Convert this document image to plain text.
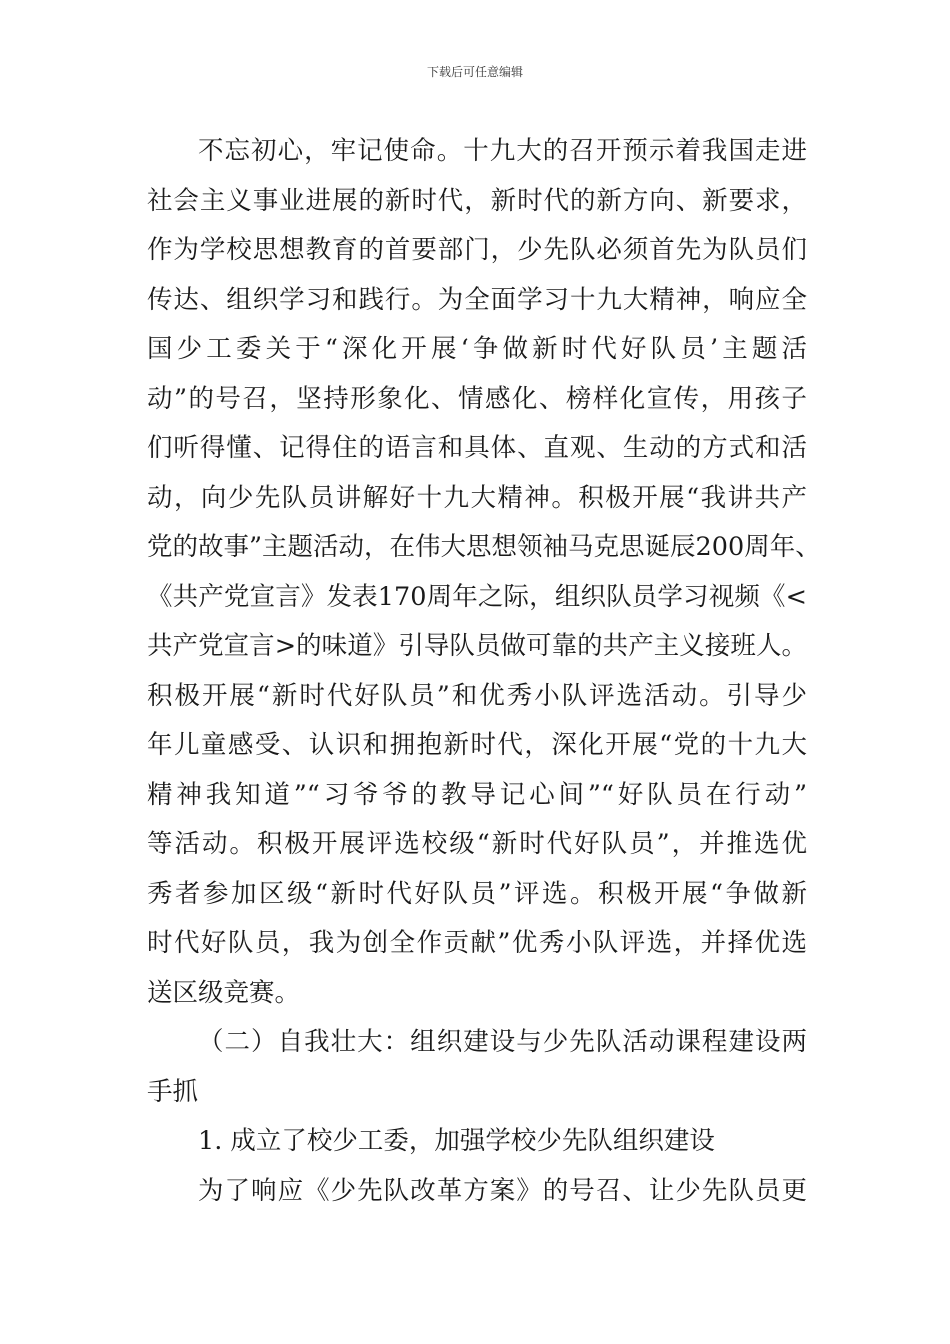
下载后可任意编辑
不忘初心，牢记使命。十九大的召开预示着我国走进
社会主义事业进展的新时代，新时代的新方向、新要求，
作为学校思想教育的首要部门，少先队必须首先为队员们
传达、组织学习和践行。为全面学习十九大精神，响应全
国少工委关于“深化开展‘争做新时代好队员’主题活
动”的号召，坚持形象化、情感化、榜样化宣传，用孩子
们听得懂、记得住的语言和具体、直观、生动的方式和活
动，向少先队员讲解好十九大精神。积极开展“我讲共产
党的故事”主题活动，在伟大思想领袖马克思诞辰200周年、
《共产党宣言》发表170周年之际，组织队员学习视频《<
共产党宣言>的味道》引导队员做可靠的共产主义接班人。
积极开展“新时代好队员”和优秀小队评选活动。引导少
年儿童感受、认识和拥抱新时代，深化开展“党的十九大
精神我知道”“习爷爷的教导记心间”“好队员在行动”
等活动。积极开展评选校级“新时代好队员”，并推选优
秀者参加区级“新时代好队员”评选。积极开展“争做新
时代好队员，我为创全作贡献”优秀小队评选，并择优选
送区级竞赛。
（二）自我壮大：组织建设与少先队活动课程建设两
手抓
1. 成立了校少工委，加强学校少先队组织建设
为了响应《少先队改革方案》的号召、让少先队员更
